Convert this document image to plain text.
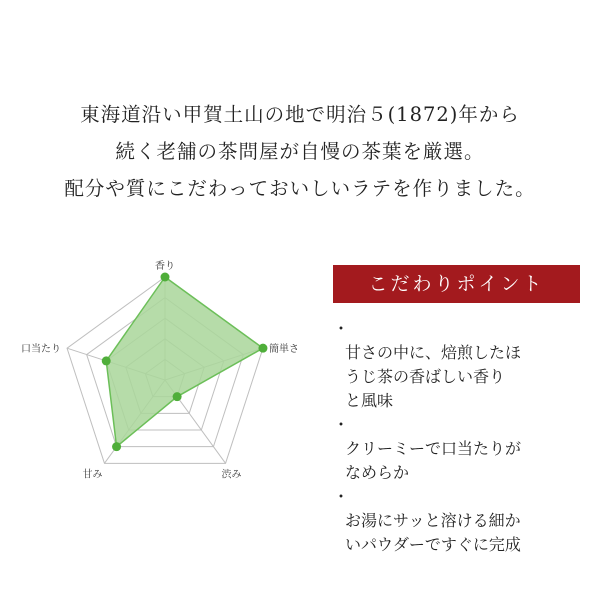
東海道沿い甲賀土山の地で明治５(1872)年から
続く老舗の茶問屋が自慢の茶葉を厳選。
配分や質にこだわっておいしいラテを作りました。
香り
簡単さ
渋み
甘み
口当たり
こだわりポイント

・
甘さの中に、焙煎したほ
うじ茶の香ばしい香り
と風味

・
クリーミーで口当たりが
なめらか

・
お湯にサッと溶ける細か
いパウダーですぐに完成
